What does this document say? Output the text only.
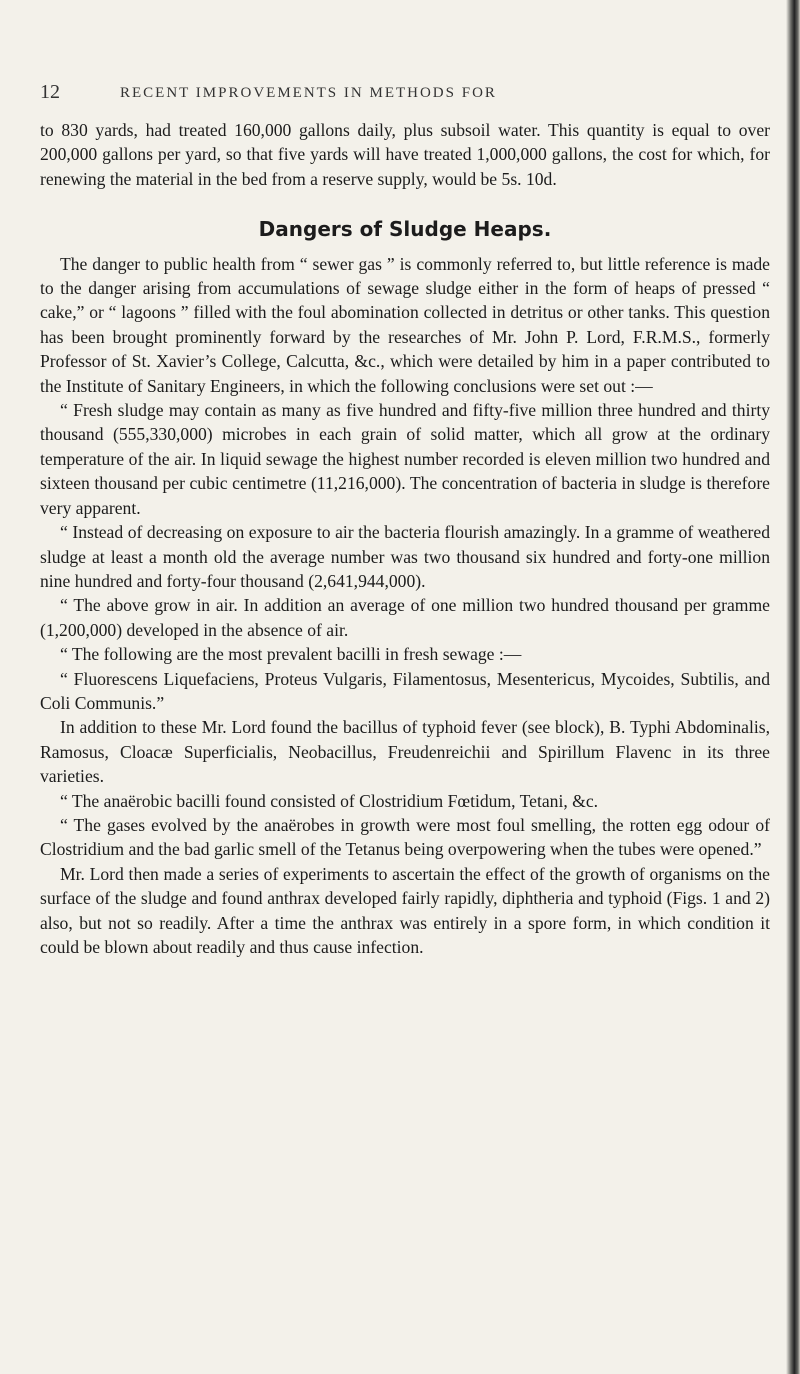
12	RECENT IMPROVEMENTS IN METHODS FOR

to 830 yards, had treated 160,000 gallons daily, plus subsoil water. This quantity is equal to over 200,000 gallons per yard, so that five yards will have treated 1,000,000 gallons, the cost for which, for renewing the material in the bed from a reserve supply, would be 5s. 10d.

Dangers of Sludge Heaps.

The danger to public health from “ sewer gas ” is commonly referred to, but little reference is made to the danger arising from accumulations of sewage sludge either in the form of heaps of pressed “ cake,” or “ lagoons ” filled with the foul abomination collected in detritus or other tanks. This question has been brought prominently forward by the researches of Mr. John P. Lord, F.R.M.S., formerly Professor of St. Xavier’s College, Calcutta, &c., which were detailed by him in a paper contributed to the Institute of Sanitary Engineers, in which the following conclusions were set out :—

“ Fresh sludge may contain as many as five hundred and fifty-five million three hundred and thirty thousand (555,330,000) microbes in each grain of solid matter, which all grow at the ordinary temperature of the air. In liquid sewage the highest number recorded is eleven million two hundred and sixteen thousand per cubic centimetre (11,216,000). The concentration of bacteria in sludge is therefore very apparent.

“ Instead of decreasing on exposure to air the bacteria flourish amazingly. In a gramme of weathered sludge at least a month old the average number was two thousand six hundred and forty-one million nine hundred and forty-four thousand (2,641,944,000).

“ The above grow in air. In addition an average of one million two hundred thousand per gramme (1,200,000) developed in the absence of air.

“ The following are the most prevalent bacilli in fresh sewage :—

“ Fluorescens Liquefaciens, Proteus Vulgaris, Filamentosus, Mesentericus, Mycoides, Subtilis, and Coli Communis.”

In addition to these Mr. Lord found the bacillus of typhoid fever (see block), B. Typhi Abdominalis, Ramosus, Cloacæ Superficialis, Neobacillus, Freudenreichii and Spirillum Flavenc in its three varieties.

“ The anaërobic bacilli found consisted of Clostridium Fœtidum, Tetani, &c.

“ The gases evolved by the anaërobes in growth were most foul smelling, the rotten egg odour of Clostridium and the bad garlic smell of the Tetanus being overpowering when the tubes were opened.”

Mr. Lord then made a series of experiments to ascertain the effect of the growth of organisms on the surface of the sludge and found anthrax developed fairly rapidly, diphtheria and typhoid (Figs. 1 and 2) also, but not so readily. After a time the anthrax was entirely in a spore form, in which condition it could be blown about readily and thus cause infection.
